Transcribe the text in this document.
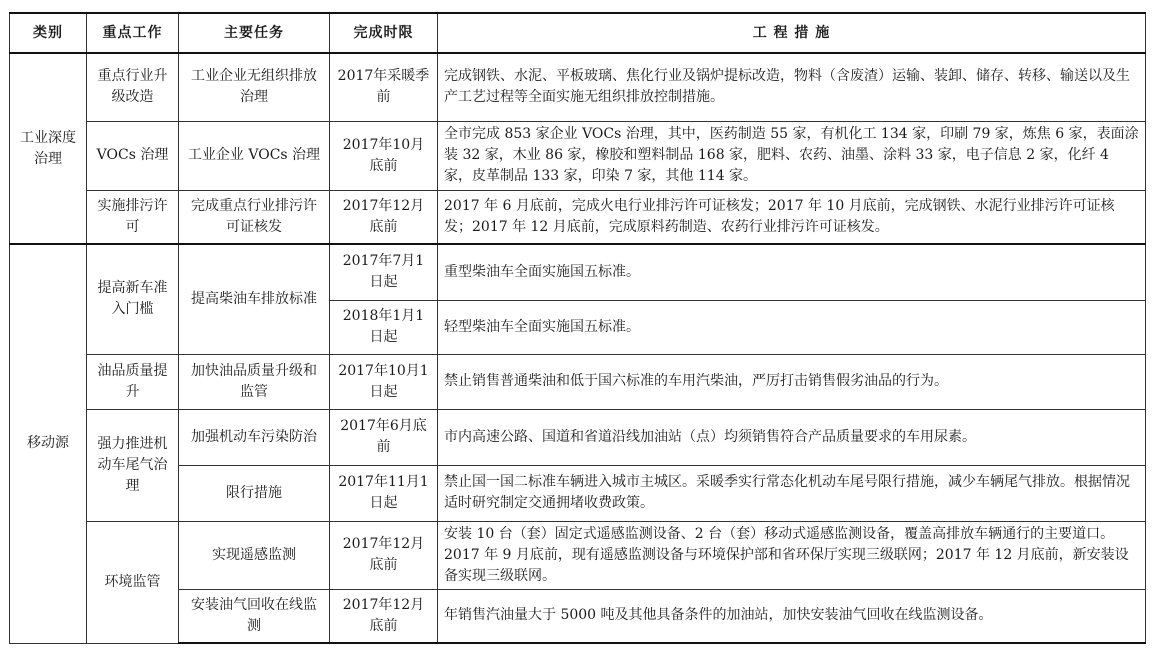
类别	重点工作	主要任务	完成时限	工 程 措 施
工业深度治理	重点行业升级改造	工业企业无组织排放治理	2017年采暖季前	完成钢铁、水泥、平板玻璃、焦化行业及锅炉提标改造，物料（含废渣）运输、装卸、储存、转移、输送以及生产工艺过程等全面实施无组织排放控制措施。
	VOCs 治理	工业企业 VOCs 治理	2017年10月底前	全市完成 853 家企业 VOCs 治理，其中，医药制造 55 家，有机化工 134 家，印刷 79 家，炼焦 6 家，表面涂装 32 家，木业 86 家，橡胶和塑料制品 168 家，肥料、农药、油墨、涂料 33 家，电子信息 2 家，化纤 4 家，皮革制品 133 家，印染 7 家，其他 114 家。
	实施排污许可	完成重点行业排污许可证核发	2017年12月底前	2017 年 6 月底前，完成火电行业排污许可证核发；2017 年 10 月底前，完成钢铁、水泥行业排污许可证核发；2017 年 12 月底前，完成原料药制造、农药行业排污许可证核发。
移动源	提高新车准入门槛	提高柴油车排放标准	2017年7月1日起	重型柴油车全面实施国五标准。
			2018年1月1日起	轻型柴油车全面实施国五标准。
	油品质量提升	加快油品质量升级和监管	2017年10月1日起	禁止销售普通柴油和低于国六标准的车用汽柴油，严厉打击销售假劣油品的行为。
	强力推进机动车尾气治理	加强机动车污染防治	2017年6月底前	市内高速公路、国道和省道沿线加油站（点）均须销售符合产品质量要求的车用尿素。
		限行措施	2017年11月1日起	禁止国一国二标准车辆进入城市主城区。采暖季实行常态化机动车尾号限行措施，减少车辆尾气排放。根据情况适时研究制定交通拥堵收费政策。
	环境监管	实现遥感监测	2017年12月底前	安装 10 台（套）固定式遥感监测设备、2 台（套）移动式遥感监测设备，覆盖高排放车辆通行的主要道口。2017 年 9 月底前，现有遥感监测设备与环境保护部和省环保厅实现三级联网；2017 年 12 月底前，新安装设备实现三级联网。
		安装油气回收在线监测	2017年12月底前	年销售汽油量大于 5000 吨及其他具备条件的加油站，加快安装油气回收在线监测设备。
